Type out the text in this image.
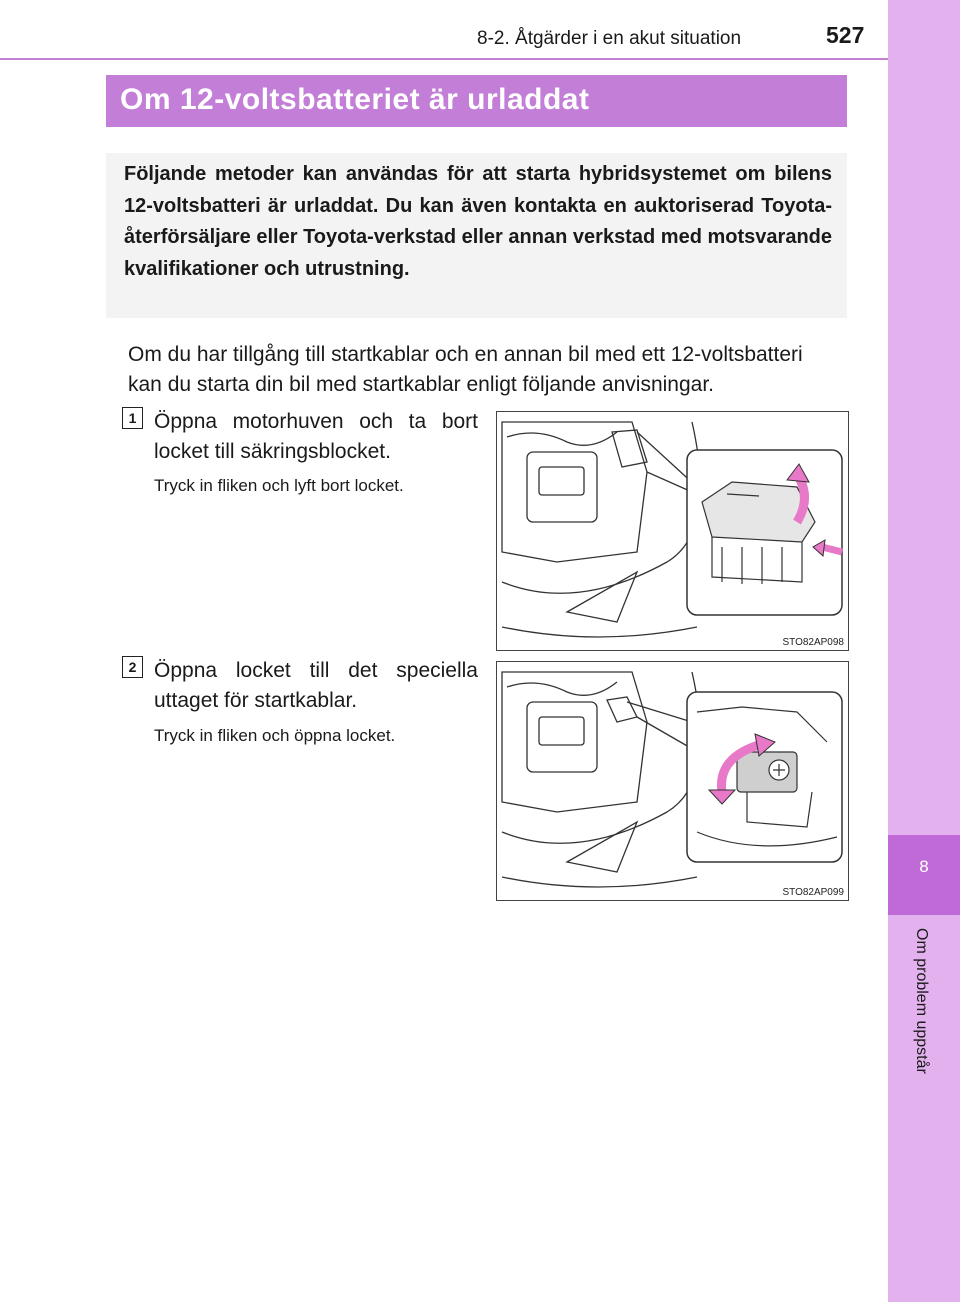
8
Om problem uppstår
8-2. Åtgärder i en akut situation	527
Om 12-voltsbatteriet är urladdat
Följande metoder kan användas för att starta hybridsystemet om bilens 12-voltsbatteri är urladdat. Du kan även kontakta en auktoriserad Toyota-återförsäljare eller Toyota-verkstad eller annan verkstad med motsvarande kvalifikationer och utrustning.
Om du har tillgång till startkablar och en annan bil med ett 12-voltsbatteri kan du starta din bil med startkablar enligt följande anvisningar.
1 Öppna motorhuven och ta bort locket till säkringsblocket.
Tryck in fliken och lyft bort locket.
STO82AP098
2 Öppna locket till det speciella uttaget för startkablar.
Tryck in fliken och öppna locket.
STO82AP099
